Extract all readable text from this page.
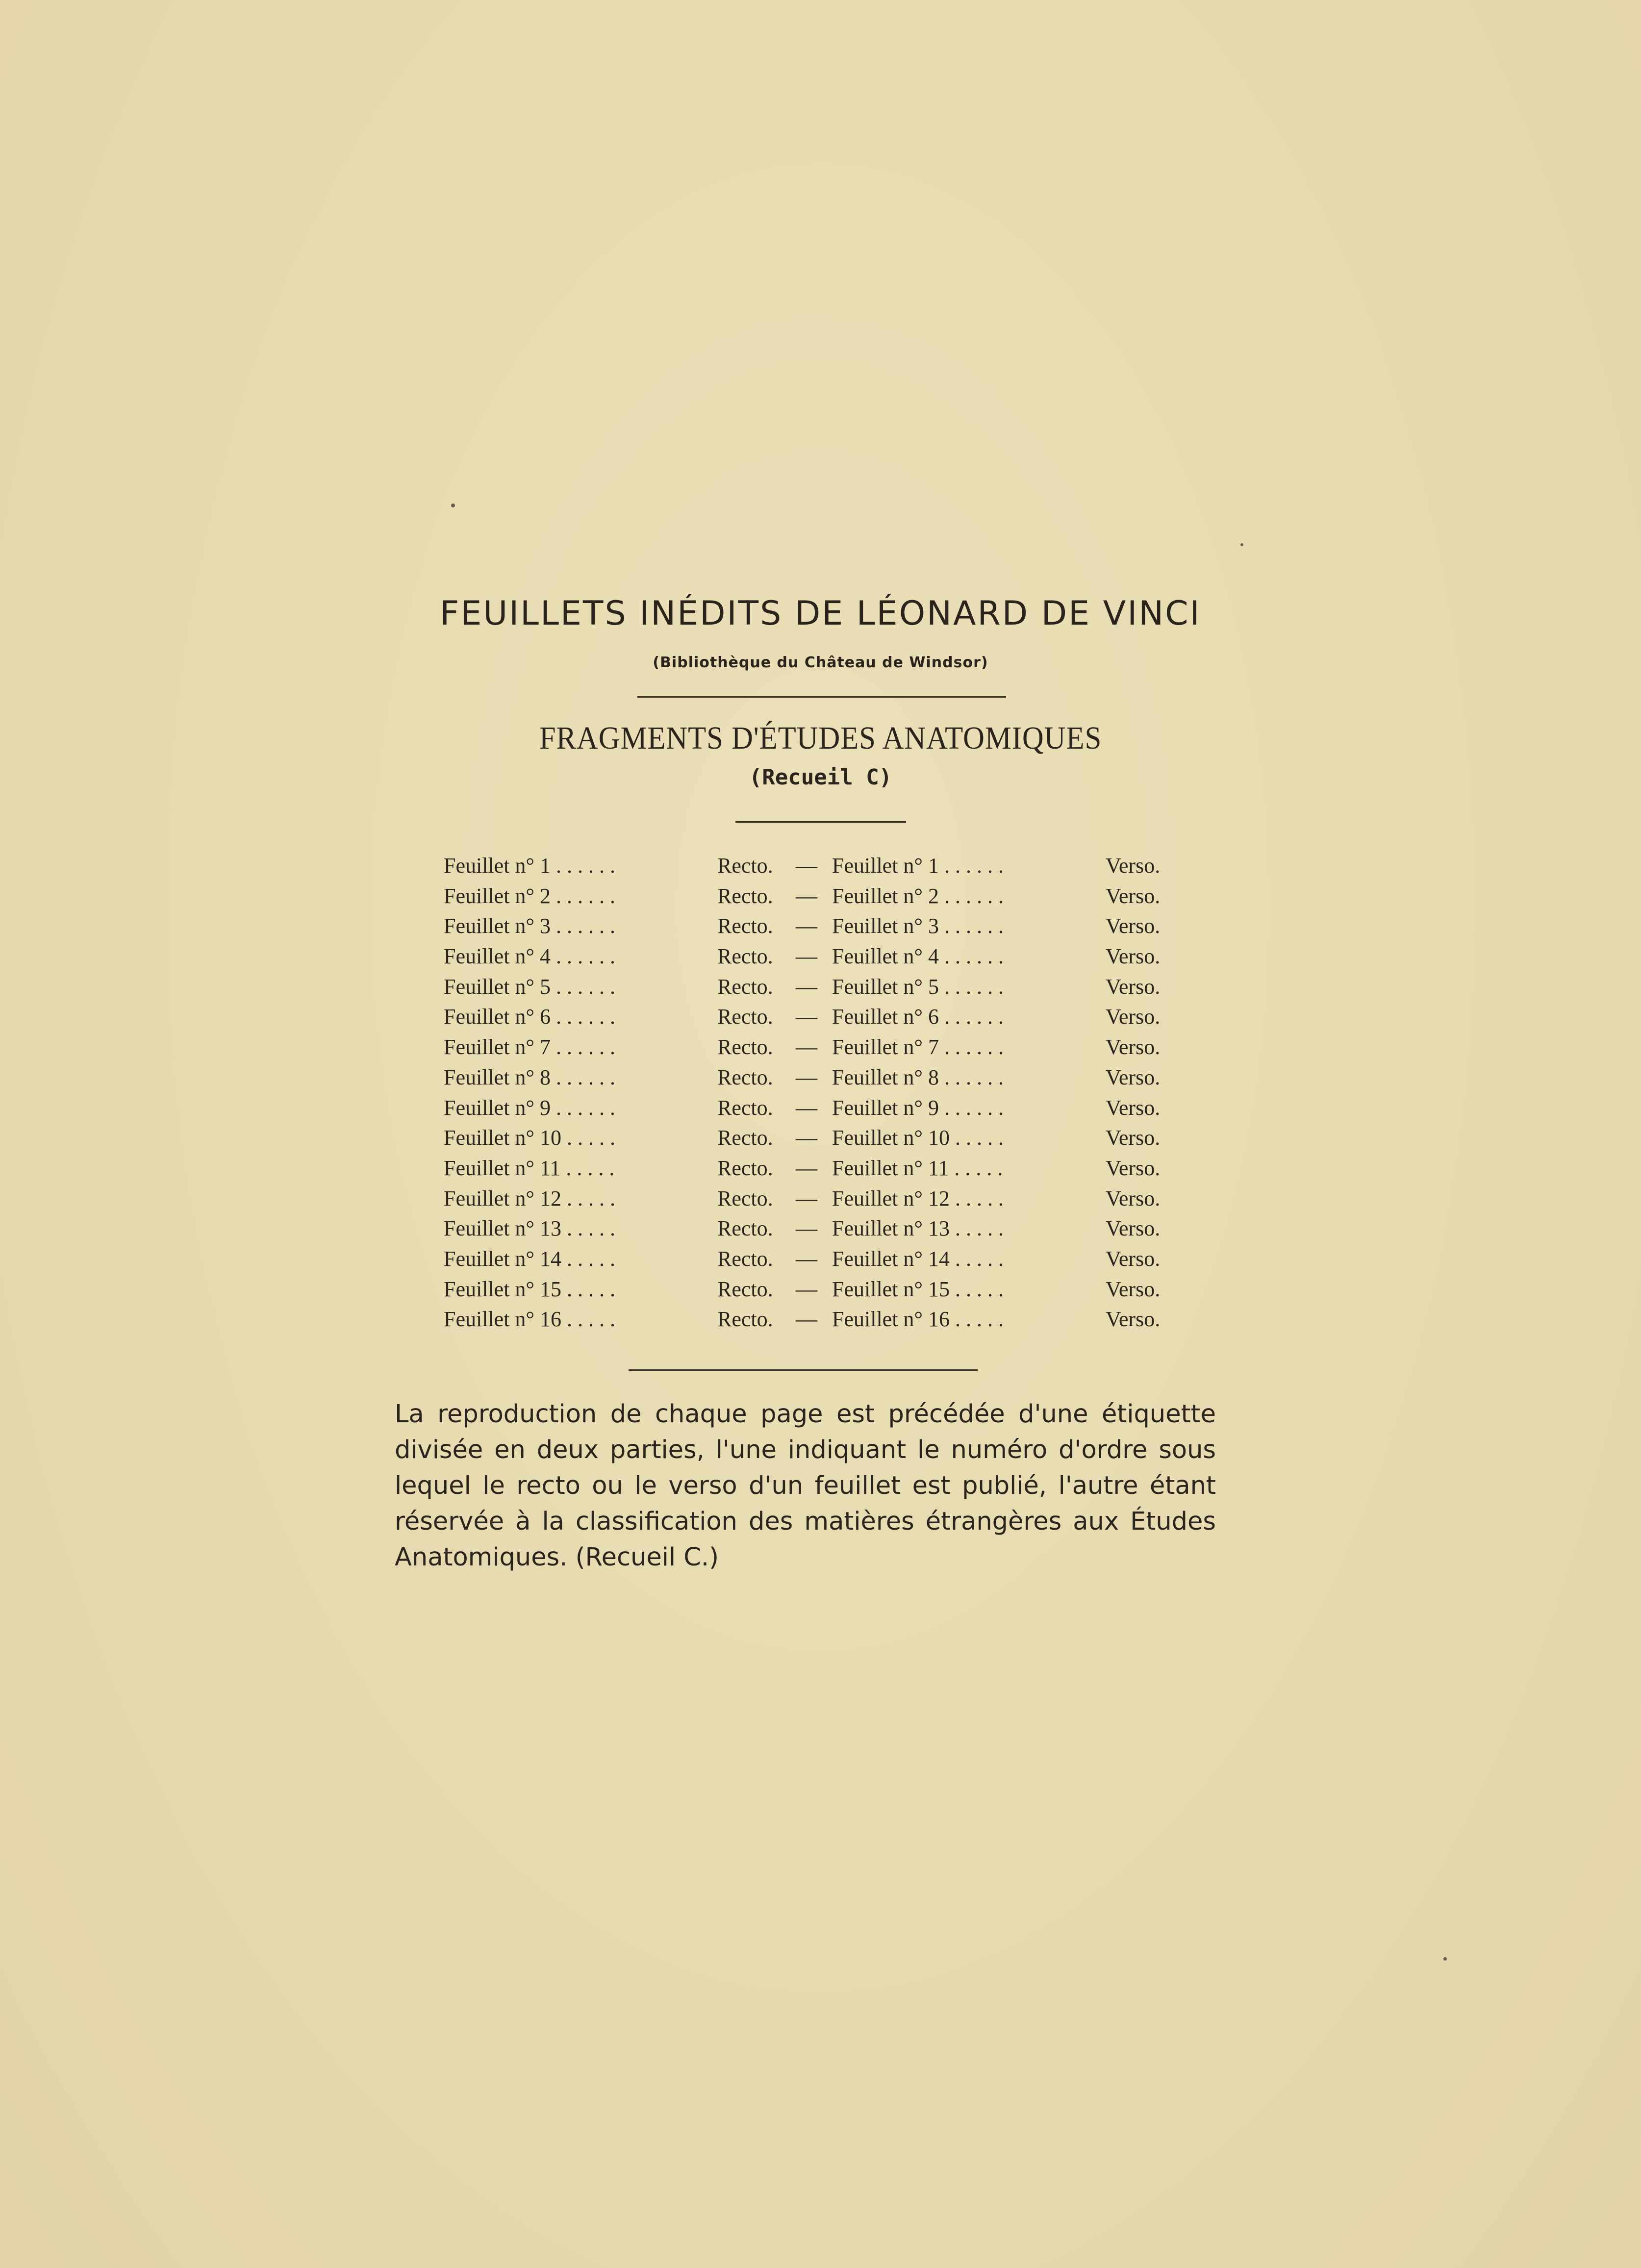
FEUILLETS INÉDITS DE LÉONARD DE VINCI
(Bibliothèque du Château de Windsor)
FRAGMENTS D'ÉTUDES ANATOMIQUES
(Recueil C)
Feuillet n° 1 . . . . . .	Recto. — Feuillet n° 1 . . . . . .	Verso.
Feuillet n° 2 . . . . . .	Recto. — Feuillet n° 2 . . . . . .	Verso.
Feuillet n° 3 . . . . . .	Recto. — Feuillet n° 3 . . . . . .	Verso.
Feuillet n° 4 . . . . . .	Recto. — Feuillet n° 4 . . . . . .	Verso.
Feuillet n° 5 . . . . . .	Recto. — Feuillet n° 5 . . . . . .	Verso.
Feuillet n° 6 . . . . . .	Recto. — Feuillet n° 6 . . . . . .	Verso.
Feuillet n° 7 . . . . . .	Recto. — Feuillet n° 7 . . . . . .	Verso.
Feuillet n° 8 . . . . . .	Recto. — Feuillet n° 8 . . . . . .	Verso.
Feuillet n° 9 . . . . . .	Recto. — Feuillet n° 9 . . . . . .	Verso.
Feuillet n° 10 . . . . .	Recto. — Feuillet n° 10 . . . . .	Verso.
Feuillet n° 11 . . . . .	Recto. — Feuillet n° 11 . . . . .	Verso.
Feuillet n° 12 . . . . .	Recto. — Feuillet n° 12 . . . . .	Verso.
Feuillet n° 13 . . . . .	Recto. — Feuillet n° 13 . . . . .	Verso.
Feuillet n° 14 . . . . .	Recto. — Feuillet n° 14 . . . . .	Verso.
Feuillet n° 15 . . . . .	Recto. — Feuillet n° 15 . . . . .	Verso.
Feuillet n° 16 . . . . .	Recto. — Feuillet n° 16 . . . . .	Verso.

La reproduction de chaque page est précédée d'une étiquette divisée en deux parties, l'une indiquant le numéro d'ordre sous lequel le recto ou le verso d'un feuillet est publié, l'autre étant réservée à la classification des matières étrangères aux Études Anatomiques. (Recueil C.)
